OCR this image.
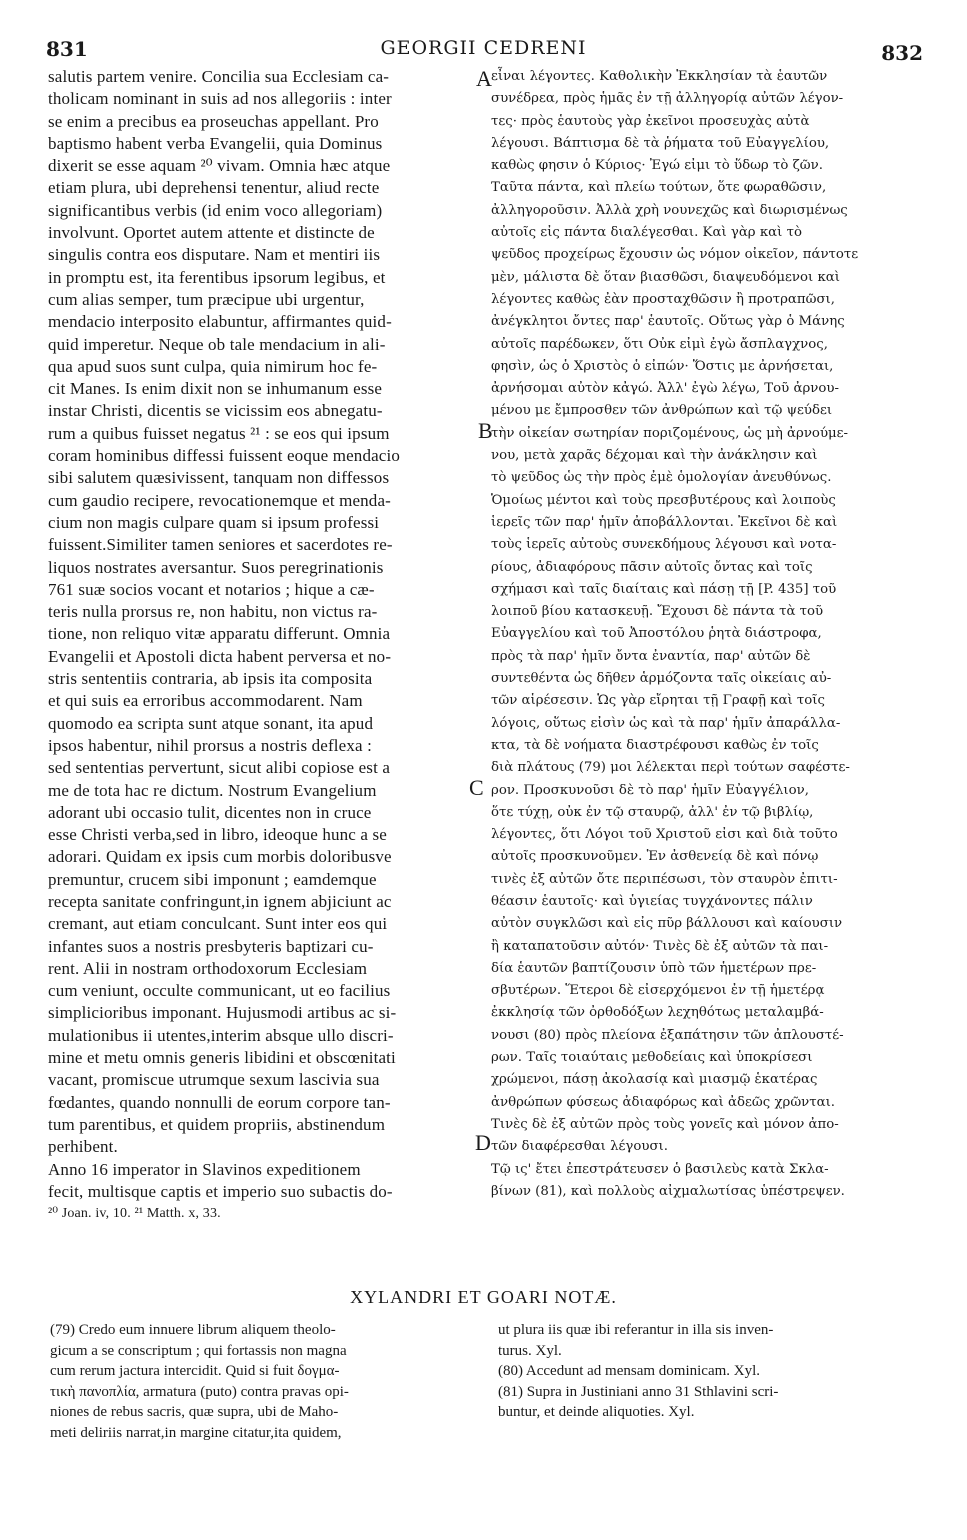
831	GEORGII CEDRENI	832
salutis partem venire. Concilia sua Ecclesiam ca-
tholicam nominant in suis ad nos allegoriis : inter
se enim a precibus ea proseuchas appellant. Pro
baptismo habent verba Evangelii, quia Dominus
dixerit se esse aquam ²⁰ vivam. Omnia hæc atque
etiam plura, ubi deprehensi tenentur, aliud recte
significantibus verbis (id enim voco allegoriam)
involvunt. Oportet autem attente et distincte de
singulis contra eos disputare. Nam et mentiri iis
in promptu est, ita ferentibus ipsorum legibus, et
cum alias semper, tum præcipue ubi urgentur,
mendacio interposito elabuntur, affirmantes quid-
quid imperetur. Neque ob tale mendacium in ali-
qua apud suos sunt culpa, quia nimirum hoc fe-
cit Manes. Is enim dixit non se inhumanum esse
instar Christi, dicentis se vicissim eos abnegatu-
rum a quibus fuisset negatus ²¹ : se eos qui ipsum
coram hominibus diffessi fuissent eoque mendacio
sibi salutem quæsivissent, tanquam non diffessos
cum gaudio recipere, revocationemque et menda-
cium non magis culpare quam si ipsum professi
fuissent.Similiter tamen seniores et sacerdotes re-
liquos nostrates aversantur. Suos peregrinationis
761 suæ socios vocant et notarios ; hique a cæ-
teris nulla prorsus re, non habitu, non victus ra-
tione, non reliquo vitæ apparatu differunt. Omnia
Evangelii et Apostoli dicta habent perversa et no-
stris sententiis contraria, ab ipsis ita composita
et qui suis ea erroribus accommodarent. Nam
quomodo ea scripta sunt atque sonant, ita apud
ipsos habentur, nihil prorsus a nostris deflexa :
sed sententias pervertunt, sicut alibi copiose est a
me de tota hac re dictum. Nostrum Evangelium
adorant ubi occasio tulit, dicentes non in cruce
esse Christi verba,sed in libro, ideoque hunc a se
adorari. Quidam ex ipsis cum morbis doloribusve
premuntur, crucem sibi imponunt ; eamdemque
recepta sanitate confringunt,in ignem abjiciunt ac
cremant, aut etiam conculcant. Sunt inter eos qui
infantes suos a nostris presbyteris baptizari cu-
rent. Alii in nostram orthodoxorum Ecclesiam
cum veniunt, occulte communicant, ut eo facilius
simplicioribus imponant. Hujusmodi artibus ac si-
mulationibus ii utentes,interim absque ullo discri-
mine et metu omnis generis libidini et obscœnitati
vacant, promiscue utrumque sexum lascivia sua
fœdantes, quando nonnulli de eorum corpore tan-
tum parentibus, et quidem propriis, abstinendum
perhibent.
Anno 16 imperator in Slavinos expeditionem
fecit, multisque captis et imperio suo subactis do-
²⁰ Joan. iv, 10. ²¹ Matth. x, 33.
A
B
C
D
εἶναι λέγοντες. Καθολικὴν Ἐκκλησίαν τὰ ἑαυτῶν
συνέδρεα, πρὸς ἡμᾶς ἐν τῇ ἀλληγορίᾳ αὐτῶν λέγον-
τες· πρὸς ἑαυτοὺς γὰρ ἐκεῖνοι προσευχὰς αὐτὰ
λέγουσι. Βάπτισμα δὲ τὰ ῥήματα τοῦ Εὐαγγελίου,
καθὼς φησιν ὁ Κύριος· Ἐγώ εἰμι τὸ ὕδωρ τὸ ζῶν.
Ταῦτα πάντα, καὶ πλείω τούτων, ὅτε φωραθῶσιν,
ἀλληγοροῦσιν. Ἀλλὰ χρὴ νουνεχῶς καὶ διωρισμένως
αὐτοῖς εἰς πάντα διαλέγεσθαι. Καὶ γὰρ καὶ τὸ
ψεῦδος προχείρως ἔχουσιν ὡς νόμον οἰκεῖον, πάντοτε
μὲν, μάλιστα δὲ ὅταν βιασθῶσι, διαψευδόμενοι καὶ
λέγοντες καθὼς ἐὰν προσταχθῶσιν ἢ προτραπῶσι,
ἀνέγκλητοι ὄντες παρ' ἑαυτοῖς. Οὕτως γὰρ ὁ Μάνης
αὐτοῖς παρέδωκεν, ὅτι Οὐκ εἰμὶ ἐγὼ ἄσπλαγχνος,
φησὶν, ὡς ὁ Χριστὸς ὁ εἰπών· Ὅστις με ἀρνήσεται,
ἀρνήσομαι αὐτὸν κἀγώ. Ἀλλ' ἐγὼ λέγω, Τοῦ ἀρνου-
μένου με ἔμπροσθεν τῶν ἀνθρώπων καὶ τῷ ψεύδει
τὴν οἰκείαν σωτηρίαν ποριζομένους, ὡς μὴ ἀρνούμε-
νου, μετὰ χαρᾶς δέχομαι καὶ τὴν ἀνάκλησιν καὶ
τὸ ψεῦδος ὡς τὴν πρὸς ἐμὲ ὁμολογίαν ἀνευθύνως.
Ὁμοίως μέντοι καὶ τοὺς πρεσβυτέρους καὶ λοιποὺς
ἱερεῖς τῶν παρ' ἡμῖν ἀποβάλλονται. Ἐκεῖνοι δὲ καὶ
τοὺς ἱερεῖς αὐτοὺς συνεκδήμους λέγουσι καὶ νοτα-
ρίους, ἀδιαφόρους πᾶσιν αὐτοῖς ὄντας καὶ τοῖς
σχήμασι καὶ ταῖς διαίταις καὶ πάσῃ τῇ [P. 435] τοῦ
λοιποῦ βίου κατασκευῇ. Ἔχουσι δὲ πάντα τὰ τοῦ
Εὐαγγελίου καὶ τοῦ Ἀποστόλου ῥητὰ διάστροφα,
πρὸς τὰ παρ' ἡμῖν ὄντα ἐναντία, παρ' αὐτῶν δὲ
συντεθέντα ὡς δῆθεν ἁρμόζοντα ταῖς οἰκείαις αὐ-
τῶν αἱρέσεσιν. Ὡς γὰρ εἴρηται τῇ Γραφῇ καὶ τοῖς
λόγοις, οὕτως εἰσὶν ὡς καὶ τὰ παρ' ἡμῖν ἀπαράλλα-
κτα, τὰ δὲ νοήματα διαστρέφουσι καθὼς ἐν τοῖς
διὰ πλάτους (79) μοι λέλεκται περὶ τούτων σαφέστε-
ρον. Προσκυνοῦσι δὲ τὸ παρ' ἡμῖν Εὐαγγέλιον,
ὅτε τύχῃ, οὐκ ἐν τῷ σταυρῷ, ἀλλ' ἐν τῷ βιβλίῳ,
λέγοντες, ὅτι Λόγοι τοῦ Χριστοῦ εἰσι καὶ διὰ τοῦτο
αὐτοῖς προσκυνοῦμεν. Ἐν ἀσθενείᾳ δὲ καὶ πόνῳ
τινὲς ἐξ αὐτῶν ὄτε περιπέσωσι, τὸν σταυρὸν ἐπιτι-
θέασιν ἑαυτοῖς· καὶ ὑγιείας τυγχάνοντες πάλιν
αὐτὸν συγκλῶσι καὶ εἰς πῦρ βάλλουσι καὶ καίουσιν
ἢ καταπατοῦσιν αὐτόν· Τινὲς δὲ ἐξ αὐτῶν τὰ παι-
δία ἑαυτῶν βαπτίζουσιν ὑπὸ τῶν ἡμετέρων πρε-
σβυτέρων. Ἕτεροι δὲ εἰσερχόμενοι ἐν τῇ ἡμετέρᾳ
ἐκκλησίᾳ τῶν ὀρθοδόξων λεχηθότως μεταλαμβά-
νουσι (80) πρὸς πλείονα ἐξαπάτησιν τῶν ἀπλουστέ-
ρων. Ταῖς τοιαύταις μεθοδείαις καὶ ὑποκρίσεσι
χρώμενοι, πάσῃ ἀκολασίᾳ καὶ μιασμῷ ἑκατέρας
ἀνθρώπων φύσεως ἀδιαφόρως καὶ ἀδεῶς χρῶνται.
Τινὲς δὲ ἐξ αὐτῶν πρὸς τοὺς γονεῖς καὶ μόνον ἀπο-
τῶν διαφέρεσθαι λέγουσι.
Τῷ ις' ἔτει ἐπεστράτευσεν ὁ βασιλεὺς κατὰ Σκλα-
βίνων (81), καὶ πολλοὺς αἰχμαλωτίσας ὑπέστρεψεν.
XYLANDRI ET GOARI NOTÆ.
(79) Credo eum innuere librum aliquem theolo-
gicum a se conscriptum ; qui fortassis non magna
cum rerum jactura intercidit. Quid si fuit δογμα-
τικὴ πανοπλία, armatura (puto) contra pravas opi-
niones de rebus sacris, quæ supra, ubi de Maho-
meti deliriis narrat,in margine citatur,ita quidem,
ut plura iis quæ ibi referantur in illa sis inven-
turus. Xyl.
(80) Accedunt ad mensam dominicam. Xyl.
(81) Supra in Justiniani anno 31 Sthlavini scri-
buntur, et deinde aliquoties. Xyl.
